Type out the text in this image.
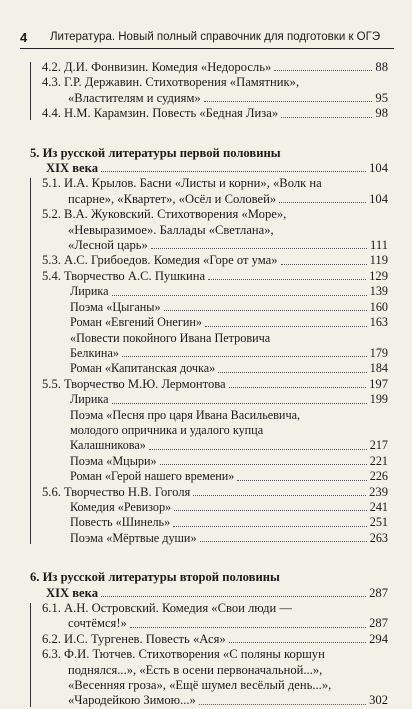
4	Литература. Новый полный справочник для подготовки к ОГЭ
4.2. Д.И. Фонвизин. Комедия «Недоросль»	88
4.3. Г.Р. Державин. Стихотворения «Памятник»,
«Властителям и судиям»	95
4.4. Н.М. Карамзин. Повесть «Бедная Лиза»	98
5. Из русской литературы первой половины
XIX века	104
5.1. И.А. Крылов. Басни «Листы и корни», «Волк на
псарне», «Квартет», «Осёл и Соловей»	104
5.2. В.А. Жуковский. Стихотворения «Море»,
«Невыразимое». Баллады «Светлана»,
«Лесной царь»	111
5.3. А.С. Грибоедов. Комедия «Горе от ума»	119
5.4. Творчество А.С. Пушкина	129
Лирика	139
Поэма «Цыганы»	160
Роман «Евгений Онегин»	163
«Повести покойного Ивана Петровича
Белкина»	179
Роман «Капитанская дочка»	184
5.5. Творчество М.Ю. Лермонтова	197
Лирика	199
Поэма «Песня про царя Ивана Васильевича,
молодого опричника и удалого купца
Калашникова»	217
Поэма «Мцыри»	221
Роман «Герой нашего времени»	226
5.6. Творчество Н.В. Гоголя	239
Комедия «Ревизор»	241
Повесть «Шинель»	251
Поэма «Мёртвые души»	263
6. Из русской литературы второй половины
XIX века	287
6.1. А.Н. Островский. Комедия «Свои люди —
сочтёмся!»	287
6.2. И.С. Тургенев. Повесть «Ася»	294
6.3. Ф.И. Тютчев. Стихотворения «С поляны коршун
поднялся...», «Есть в осени первоначальной...»,
«Весенняя гроза», «Ещё шумел весёлый день...»,
«Чародейкою Зимою...»	302
